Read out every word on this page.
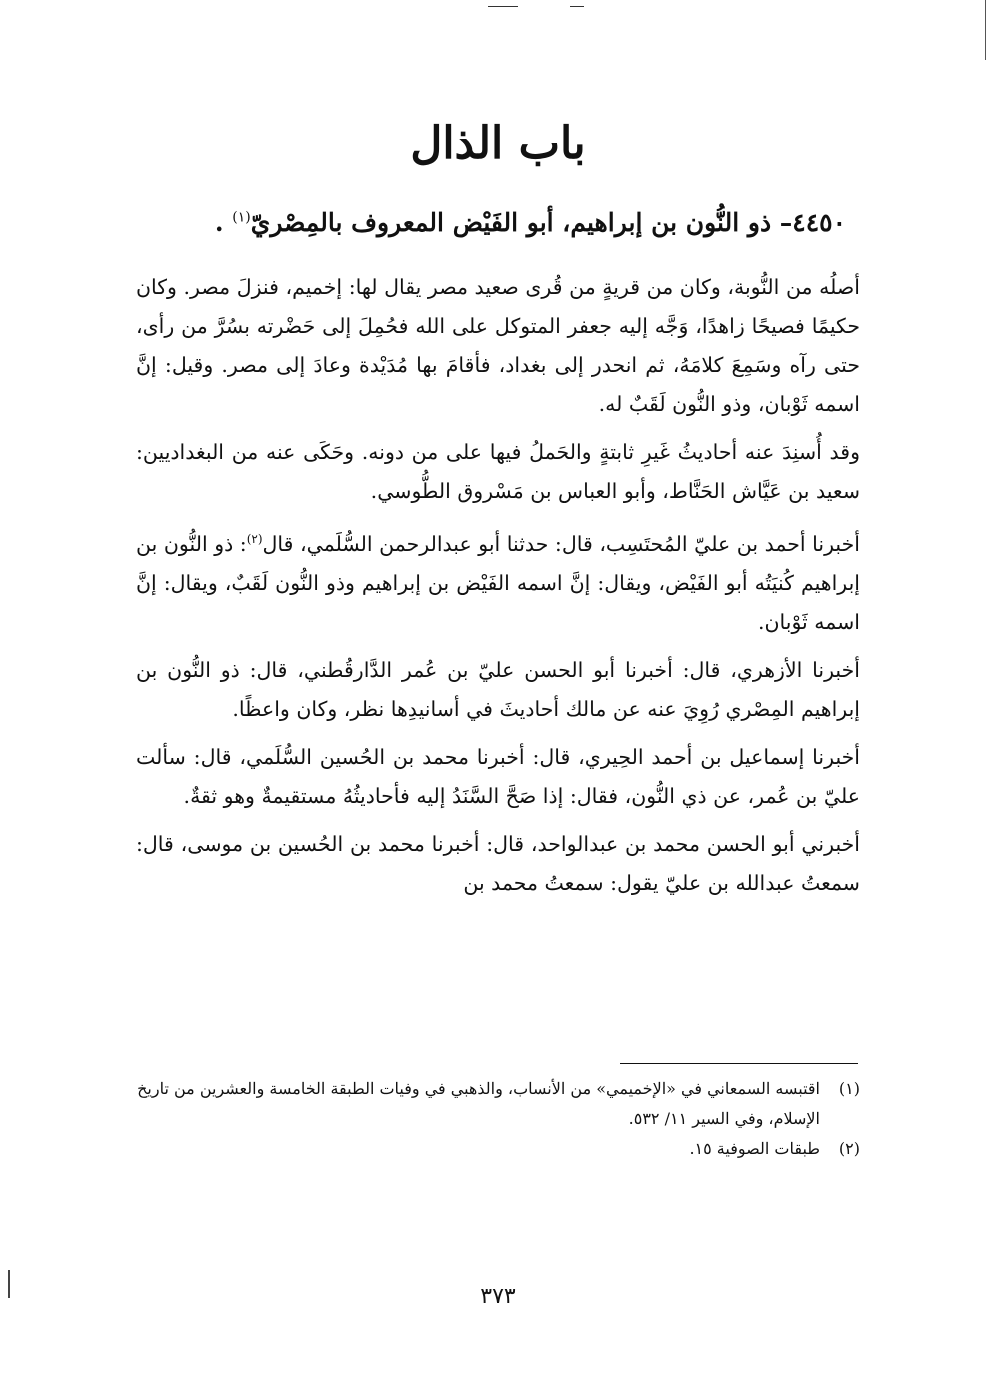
باب الذال
٤٤٥٠– ذو النُّون بن إبراهيم، أبو الفَيْض المعروف بالمِصْريّ$^{(١)}$ .

أصلُه من النُّوبة، وكان من قريةٍ من قُرى صعيد مصر يقال لها: إخميم، فنزلَ مصر. وكان حكيمًا فصيحًا زاهدًا، وَجَّه إليه جعفر المتوكل على الله فحُمِلَ إلى حَضْرته بسُرَّ من رأى، حتى رآه وسَمِعَ كلامَهُ، ثم انحدر إلى بغداد، فأقامَ بها مُدَيْدة وعادَ إلى مصر. وقيل: إنَّ اسمه ثَوْبان، وذو النُّون لَقَبٌ له.

وقد أُسنِدَ عنه أحاديثُ غَيرِ ثابتةٍ والحَملُ فيها على من دونه. وحَكَى عنه من البغداديين: سعيد بن عَيَّاش الحَنَّاط، وأبو العباس بن مَسْروق الطُّوسي.

أخبرنا أحمد بن عليّ المُحتَسِب، قال: حدثنا أبو عبدالرحمن السُّلَمي، قال$^{(٢)}$: ذو النُّون بن إبراهيم كُنيَتُه أبو الفَيْض، ويقال: إنَّ اسمه الفَيْض بن إبراهيم وذو النُّون لَقَبٌ، ويقال: إنَّ اسمه ثَوْبان.

أخبرنا الأزهري، قال: أخبرنا أبو الحسن عليّ بن عُمر الدَّارقُطني، قال: ذو النُّون بن إبراهيم المِصْري رُوِيَ عنه عن مالك أحاديثَ في أسانيدِها نظر، وكان واعظًا.

أخبرنا إسماعيل بن أحمد الحِيري، قال: أخبرنا محمد بن الحُسين السُّلَمي، قال: سألت عليّ بن عُمر، عن ذي النُّون، فقال: إذا صَحَّ السَّنَدُ إليه فأحاديثُهُ مستقيمةٌ وهو ثقةٌ.

أخبرني أبو الحسن محمد بن عبدالواحد، قال: أخبرنا محمد بن الحُسين بن موسى، قال: سمعتُ عبدالله بن عليّ يقول: سمعتُ محمد بن

(١)
اقتبسه السمعاني في «الإخميمي» من الأنساب، والذهبي في وفيات الطبقة الخامسة والعشرين من تاريخ الإسلام، وفي السير ١١/ ٥٣٢.
(٢)
طبقات الصوفية ١٥.
٣٧٣
